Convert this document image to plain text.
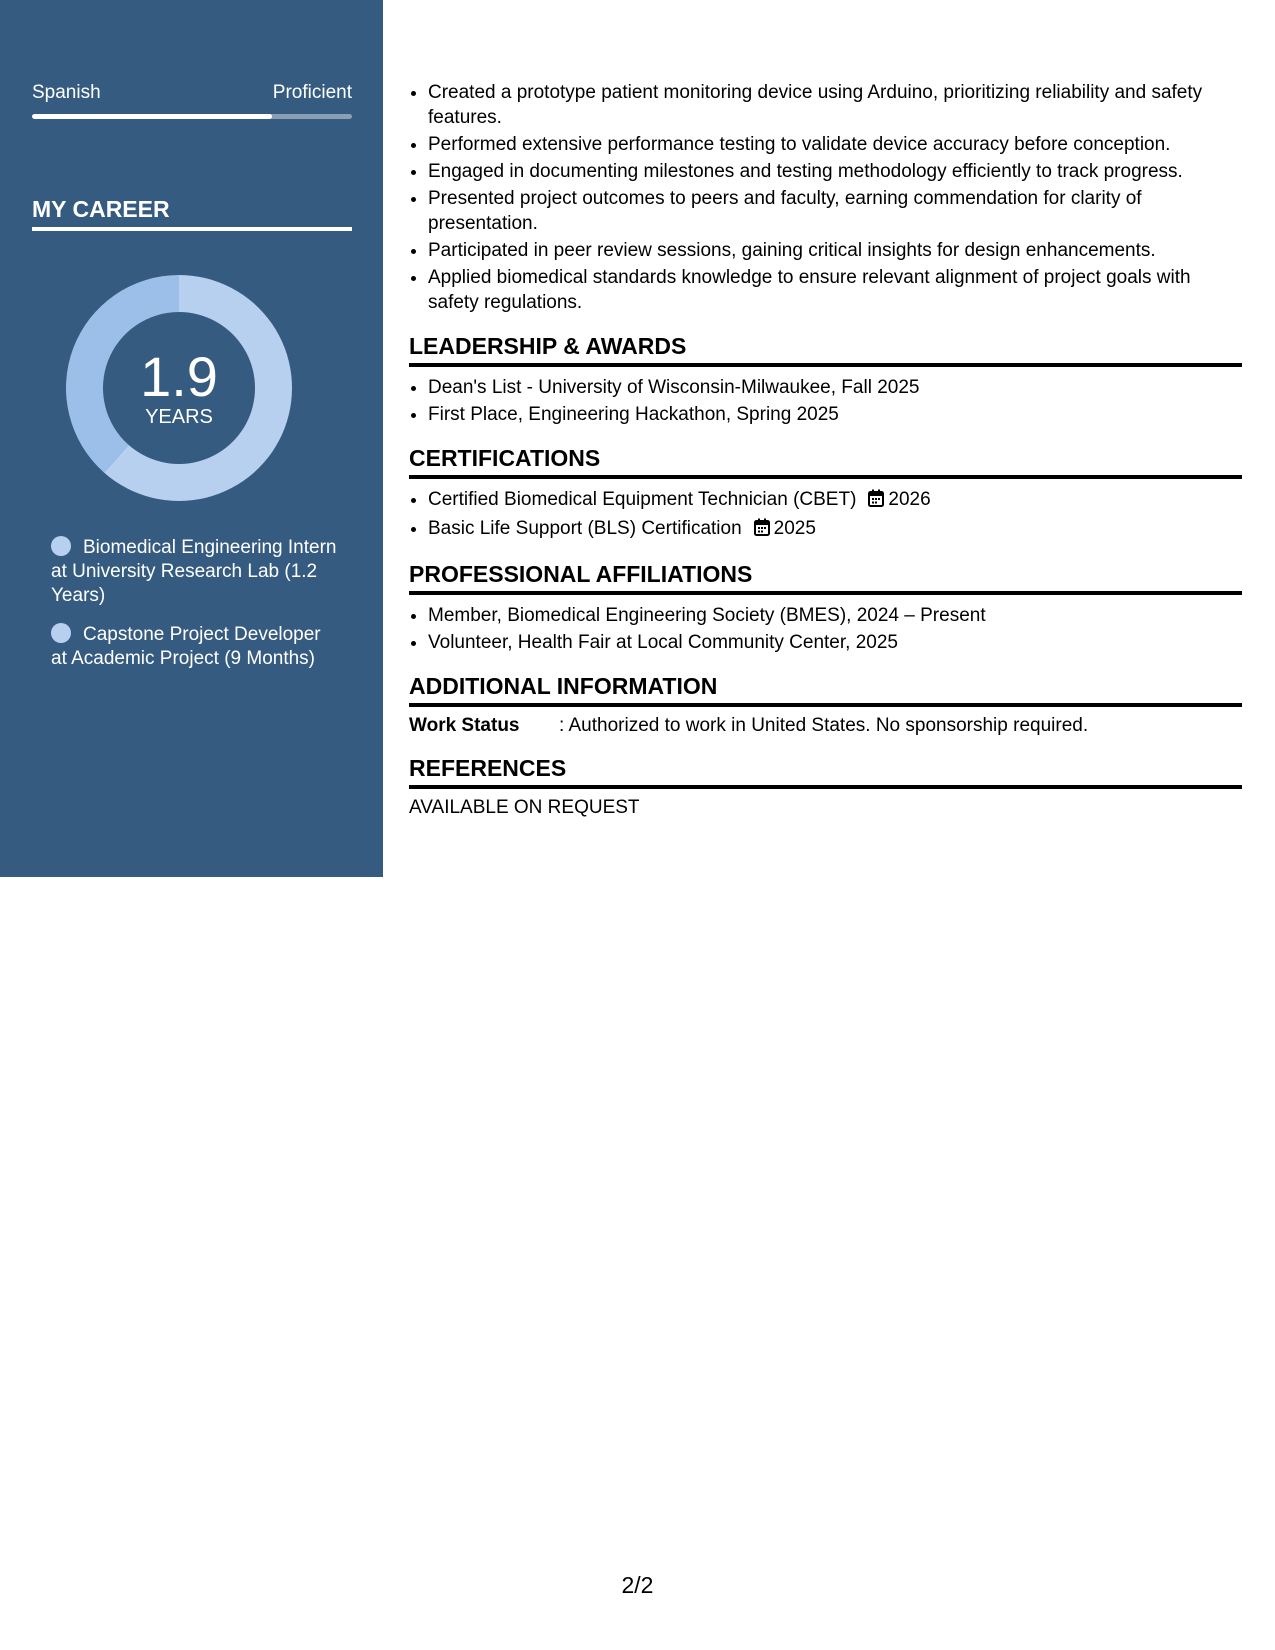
Spanish	Proficient
MY CAREER
1.9
YEARS
Biomedical Engineering Intern at University Research Lab (1.2 Years)
Capstone Project Developer at Academic Project (9 Months)
• Created a prototype patient monitoring device using Arduino, prioritizing reliability and safety features.
• Performed extensive performance testing to validate device accuracy before conception.
• Engaged in documenting milestones and testing methodology efficiently to track progress.
• Presented project outcomes to peers and faculty, earning commendation for clarity of presentation.
• Participated in peer review sessions, gaining critical insights for design enhancements.
• Applied biomedical standards knowledge to ensure relevant alignment of project goals with safety regulations.
LEADERSHIP & AWARDS
• Dean's List - University of Wisconsin-Milwaukee, Fall 2025
• First Place, Engineering Hackathon, Spring 2025
CERTIFICATIONS
• Certified Biomedical Equipment Technician (CBET) 2026
• Basic Life Support (BLS) Certification 2025
PROFESSIONAL AFFILIATIONS
• Member, Biomedical Engineering Society (BMES), 2024 – Present
• Volunteer, Health Fair at Local Community Center, 2025
ADDITIONAL INFORMATION
Work Status	: Authorized to work in United States. No sponsorship required.
REFERENCES
AVAILABLE ON REQUEST
2/2
